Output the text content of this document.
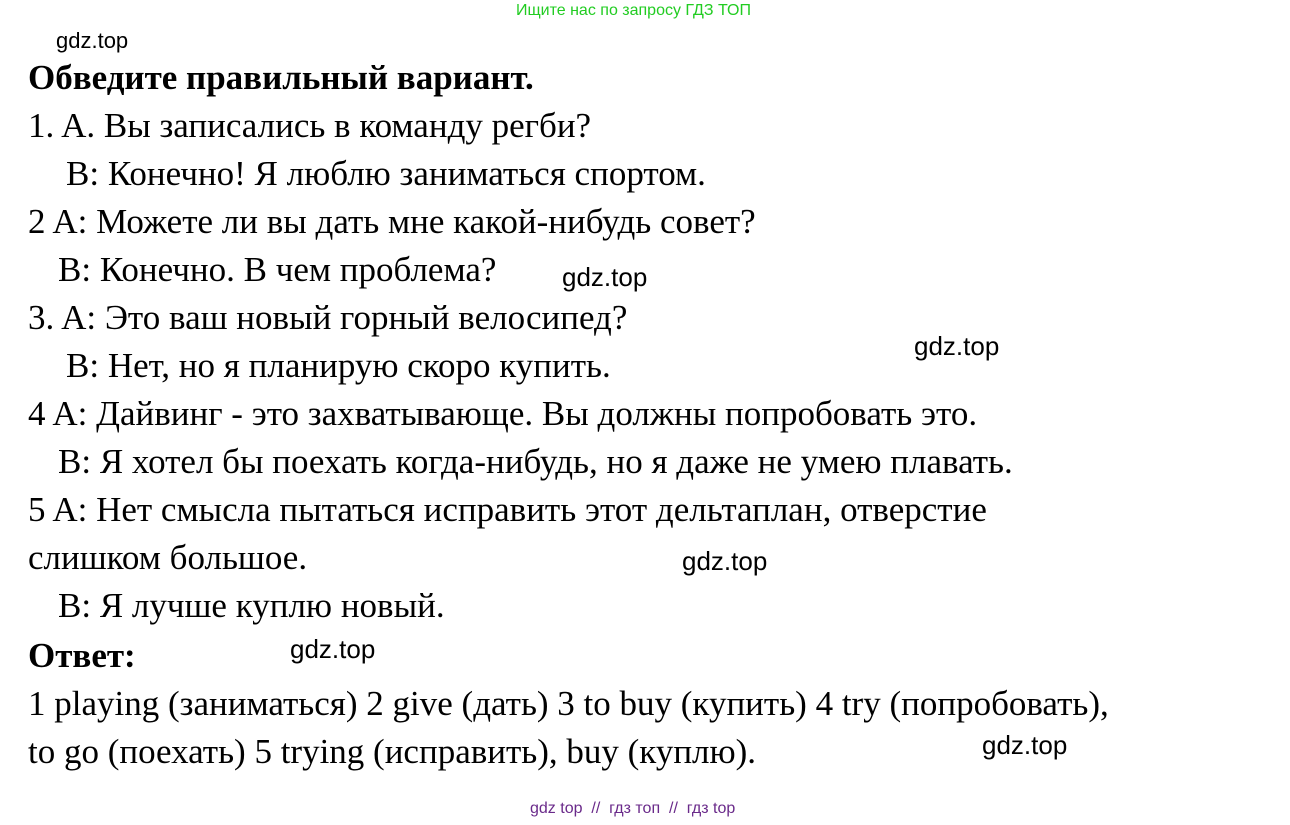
Ищите нас по запросу ГДЗ ТОП
gdz.top
Обведите правильный вариант.
1. A. Вы записались в команду регби?
B: Конечно! Я люблю заниматься спортом.
2 A: Можете ли вы дать мне какой-нибудь совет?
B: Конечно. В чем проблема?	gdz.top
3. A: Это ваш новый горный велосипед?
gdz.top
B: Нет, но я планирую скоро купить.
4 A: Дайвинг - это захватывающе. Вы должны попробовать это.
B: Я хотел бы поехать когда-нибудь, но я даже не умею плавать.
5 A: Нет смысла пытаться исправить этот дельтаплан, отверстие
слишком большое.	gdz.top
B: Я лучше куплю новый.
Ответ:	gdz.top
1 playing (заниматься) 2 give (дать) 3 to buy (купить) 4 try (попробовать),
to go (поехать) 5 trying (исправить), buy (куплю).	gdz.top
gdz top  //  гдз топ  //  гдз top
